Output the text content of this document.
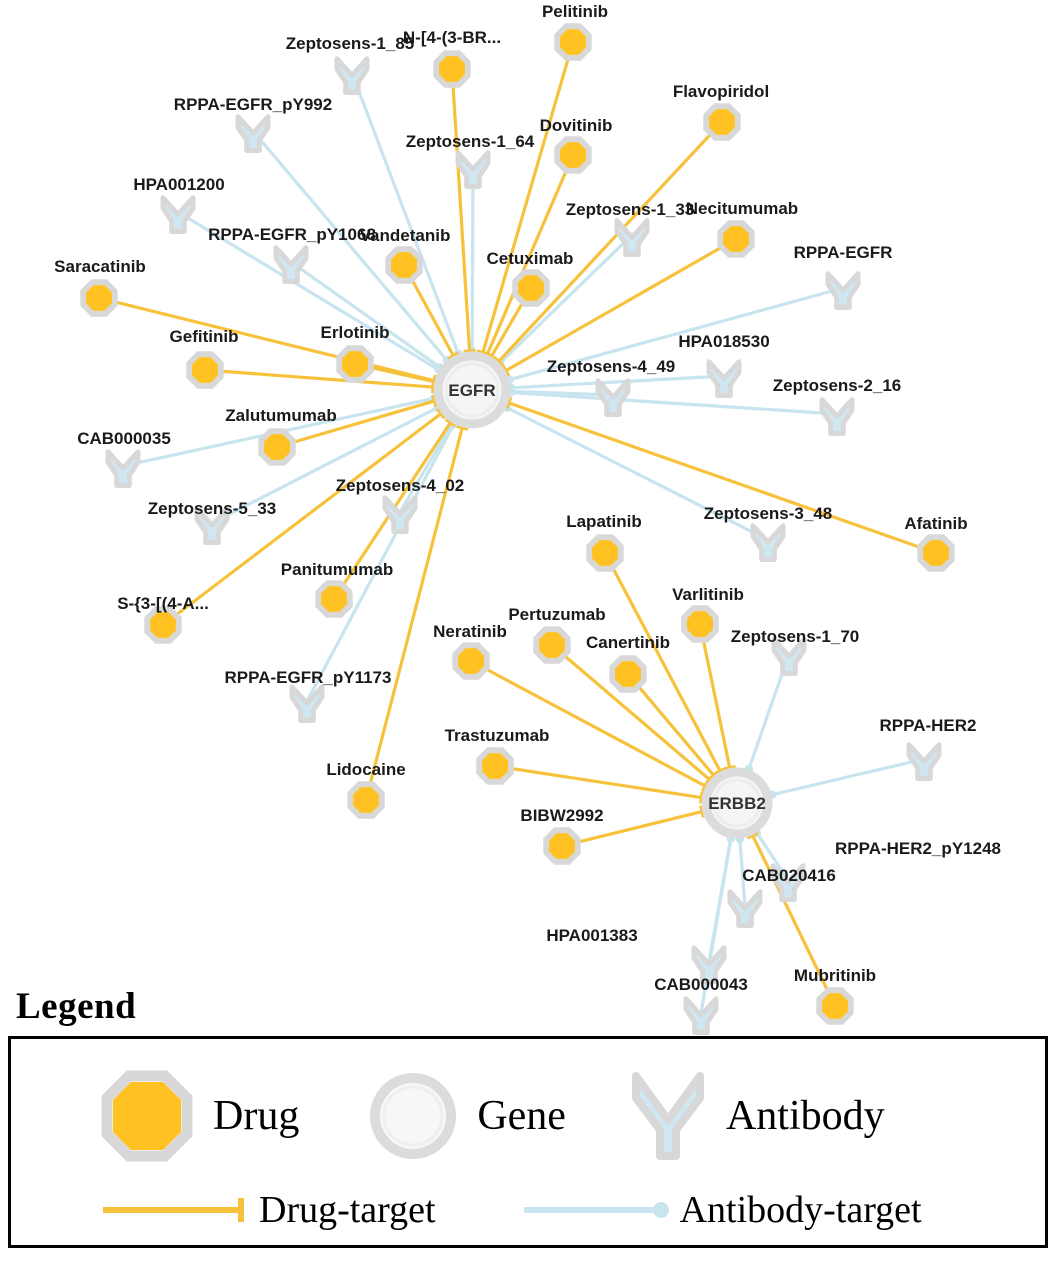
Zeptosens-1_85
Zeptosens-1_64
RPPA-EGFR_pY992
Zeptosens-1_33
HPA001200
RPPA-EGFR_pY1068
RPPA-EGFR
HPA018530
Zeptosens-4_49
Zeptosens-2_16
CAB000035
Zeptosens-4_02
Zeptosens-5_33	Zeptosens-3_48
Zeptosens-1_70
RPPA-EGFR_pY1173
RPPA-HER2
RPPA-HER2_pY1248
CAB020416
HPA001383
CAB000043
Pelitinib
N-[4-(3-BR...
Flavopiridol
Dovitinib
Necitumumab
Vandetanib
Cetuximab
Saracatinib
Erlotinib
Gefitinib
Zalutumumab
Afatinib
Lapatinib
Varlitinib
Panitumumab
S-{3-[(4-A...
Pertuzumab
Neratinib
Canertinib
Trastuzumab
Lidocaine
BIBW2992
Mubritinib
EGFR
ERBB2
Legend
Drug	Gene	Antibody
Drug-target	Antibody-target
